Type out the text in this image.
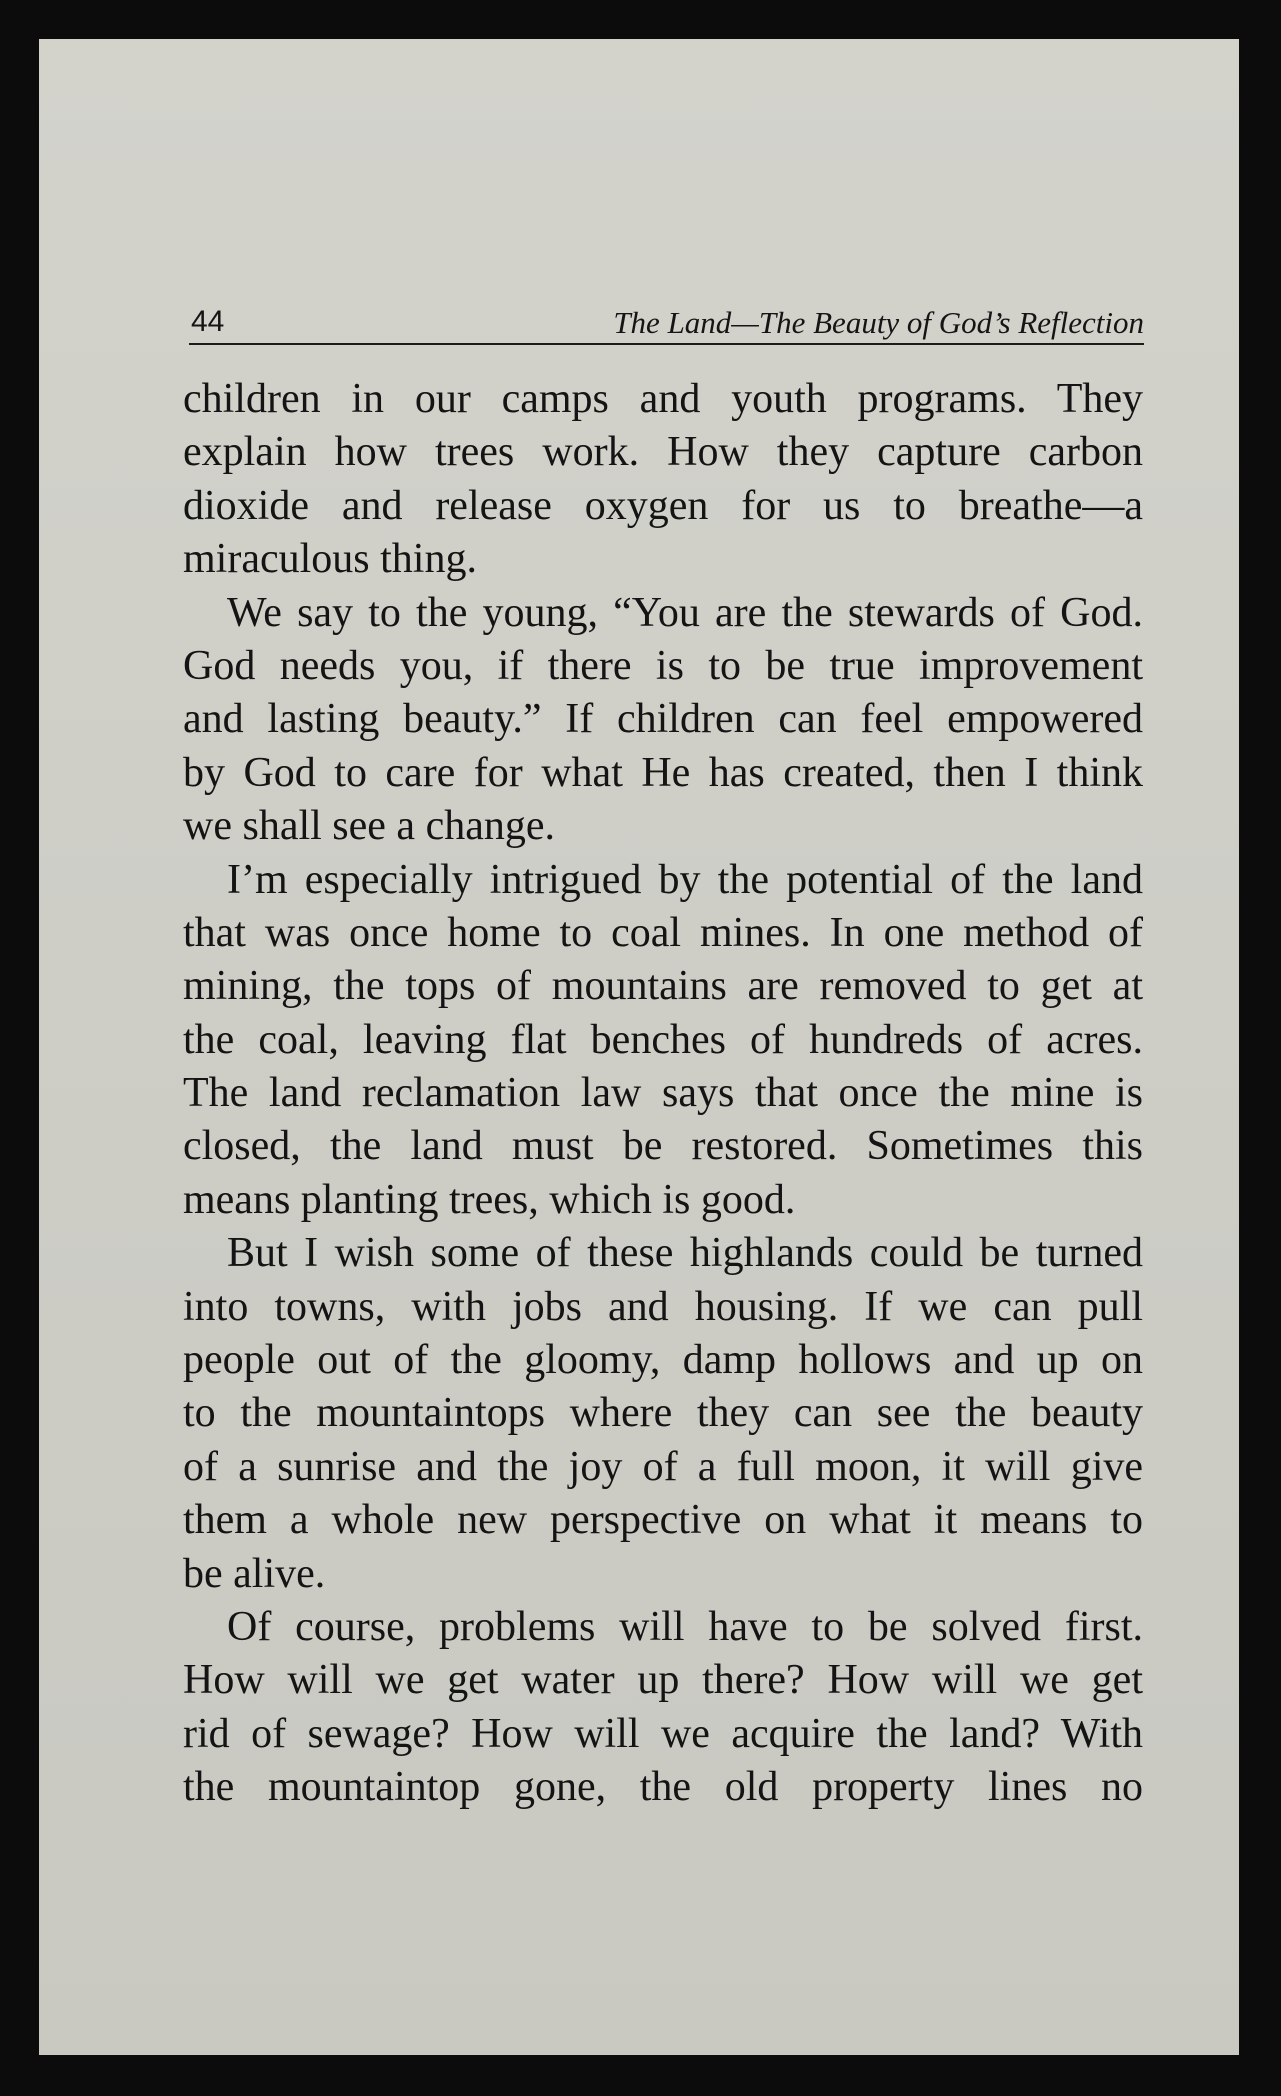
44	The Land—The Beauty of God’s Reflection

children in our camps and youth programs. They
explain how trees work. How they capture carbon
dioxide and release oxygen for us to breathe—a
miraculous thing.

We say to the young, “You are the stewards of God.
God needs you, if there is to be true improvement
and lasting beauty.” If children can feel empowered
by God to care for what He has created, then I think
we shall see a change.

I’m especially intrigued by the potential of the land
that was once home to coal mines. In one method of
mining, the tops of mountains are removed to get at
the coal, leaving flat benches of hundreds of acres.
The land reclamation law says that once the mine is
closed, the land must be restored. Sometimes this
means planting trees, which is good.

But I wish some of these highlands could be turned
into towns, with jobs and housing. If we can pull
people out of the gloomy, damp hollows and up on
to the mountaintops where they can see the beauty
of a sunrise and the joy of a full moon, it will give
them a whole new perspective on what it means to
be alive.

Of course, problems will have to be solved first.
How will we get water up there? How will we get
rid of sewage? How will we acquire the land? With
the mountaintop gone, the old property lines no
